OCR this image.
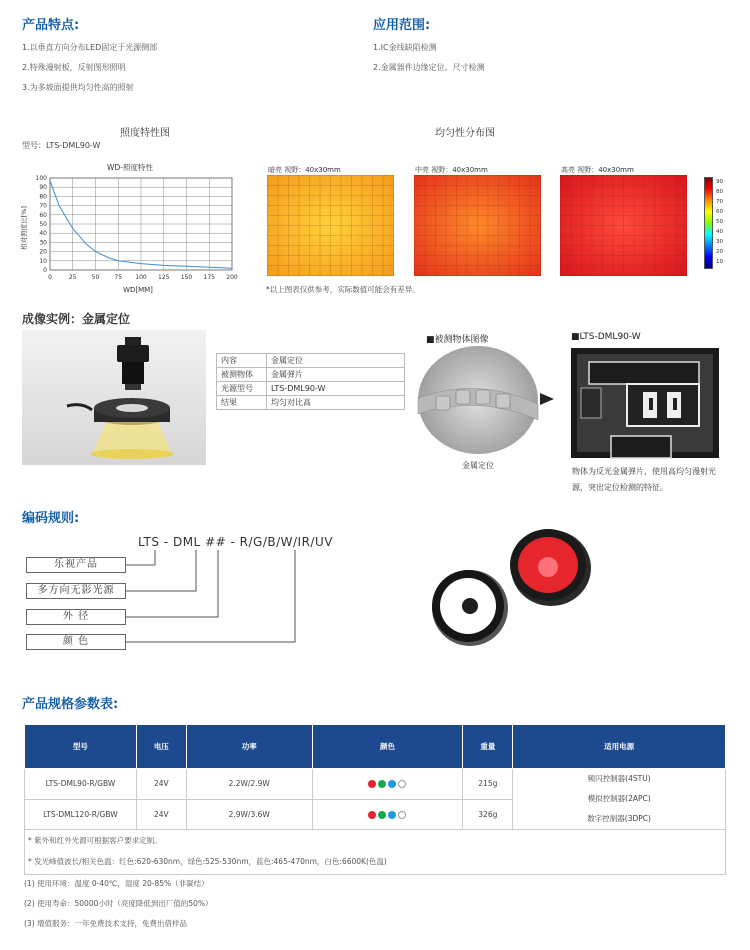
产品特点:
1.以垂直方向分布LED固定于光源侧部
2.特殊漫射板，反射图形照明
3.为多坡面提供均匀性高的照射
应用范围:
1.IC金线缺陷检测
2.金属器件边缘定位、尺寸检测
照度特性图
型号：LTS-DML90-W
WD-照度特性
WD[MM]
相对照度比[%]
0	25	50	75 100 125 150 175 200
0
10
20
30
40
50
60
70
80
90
100
均匀性分布图
暗亮 视野：40x30mm	中亮 视野：40x30mm	高亮 视野：40x30mm
90
80
70
60
50
40
30
20
10
*以上图表仅供参考，实际数值可能会有差异。
成像实例：金属定位
内容	金属定位
被测物体	金属弹片
光源型号	LTS-DML90-W
结果	均匀对比高
■被测物体图像	■LTS-DML90-W
金属定位
物体为反光金属弹片，使用高均匀漫射光源，突出定位检测的特征。
编码规则:
LTS - DML ## - R/G/B/W/IR/UV
乐视产品
多方向无影光源
外 径
颜 色
产品规格参数表:
型号	电压	功率	颜色	重量	适用电源
LTS-DML90-R/GBW	24V	2.2W/2.9W		215g	频闪控制器(4STU)
模拟控制器(2APC)
数字控制器(3DPC)

LTS-DML120-R/GBW	24V	2.9W/3.6W		326g	
* 紫外和红外光源可根据客户要求定制。
* 发光峰值波长/相关色温：红色:620-630nm，绿色:525-530nm，蓝色:465-470nm，白色:6600K(色温)
(1) 使用环境：温度 0-40℃，湿度 20-85%（非凝结）
(2) 使用寿命：50000小时（亮度降低到出厂值的50%）
(3) 增值服务：一年免费技术支持，免费出借样品
